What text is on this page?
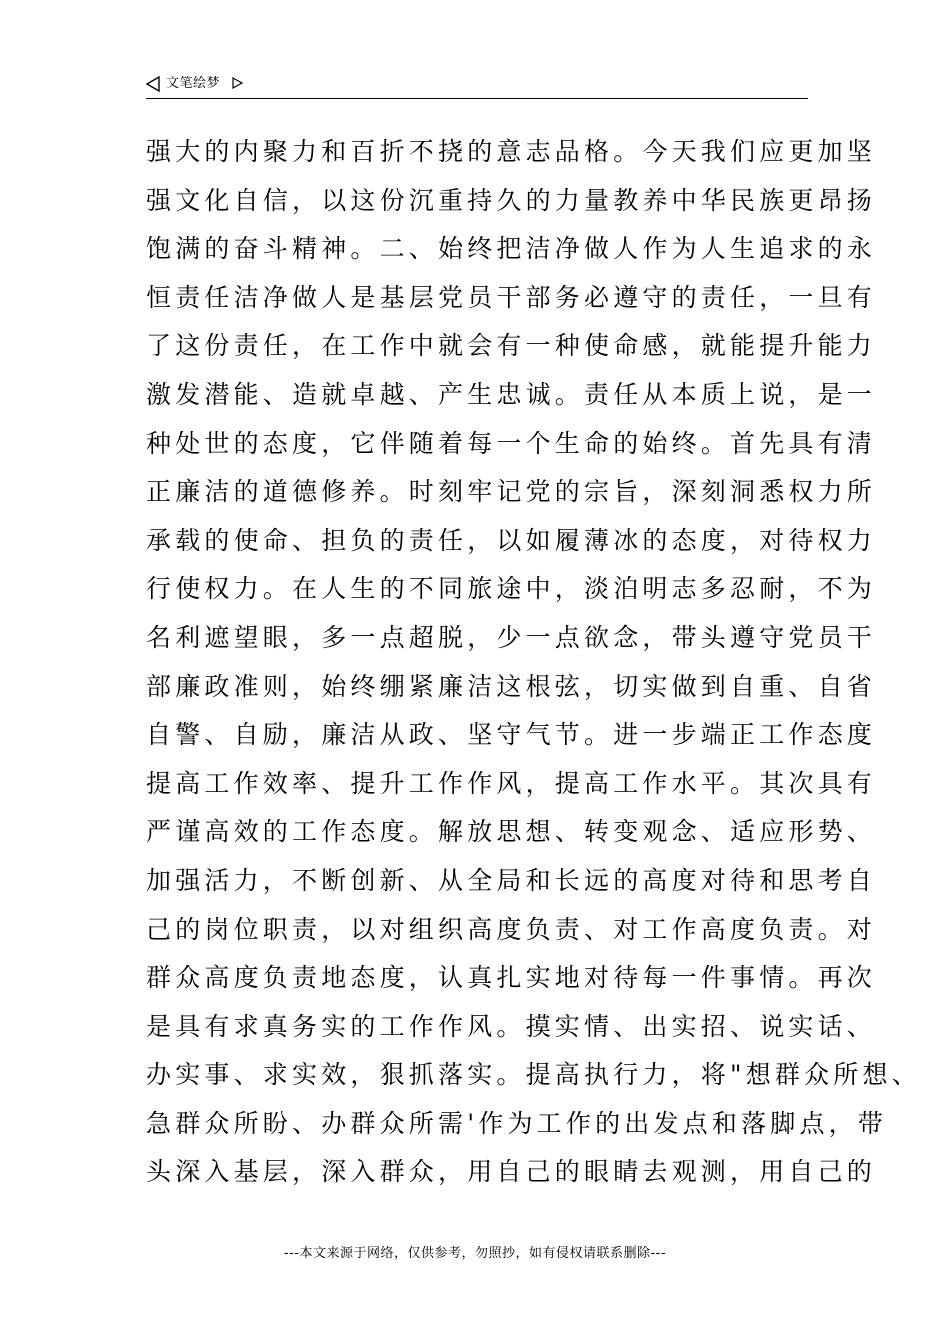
文笔绘梦
强大的内聚力和百折不挠的意志品格。今天我们应更加坚
强文化自信，以这份沉重持久的力量教养中华民族更昂扬
饱满的奋斗精神。二、始终把洁净做人作为人生追求的永
恒责任洁净做人是基层党员干部务必遵守的责任，一旦有
了这份责任，在工作中就会有一种使命感，就能提升能力
激发潜能、造就卓越、产生忠诚。责任从本质上说，是一
种处世的态度，它伴随着每一个生命的始终。首先具有清
正廉洁的道德修养。时刻牢记党的宗旨，深刻洞悉权力所
承载的使命、担负的责任，以如履薄冰的态度，对待权力
行使权力。在人生的不同旅途中，淡泊明志多忍耐，不为
名利遮望眼，多一点超脱，少一点欲念，带头遵守党员干
部廉政准则，始终绷紧廉洁这根弦，切实做到自重、自省
自警、自励，廉洁从政、坚守气节。进一步端正工作态度
提高工作效率、提升工作作风，提高工作水平。其次具有
严谨高效的工作态度。解放思想、转变观念、适应形势、
加强活力，不断创新、从全局和长远的高度对待和思考自
己的岗位职责，以对组织高度负责、对工作高度负责。对
群众高度负责地态度，认真扎实地对待每一件事情。再次
是具有求真务实的工作作风。摸实情、出实招、说实话、
办实事、求实效，狠抓落实。提高执行力，将"想群众所想、
急群众所盼、办群众所需'作为工作的出发点和落脚点，带
头深入基层，深入群众，用自己的眼睛去观测，用自己的
---本文来源于网络，仅供参考，勿照抄，如有侵权请联系删除---
